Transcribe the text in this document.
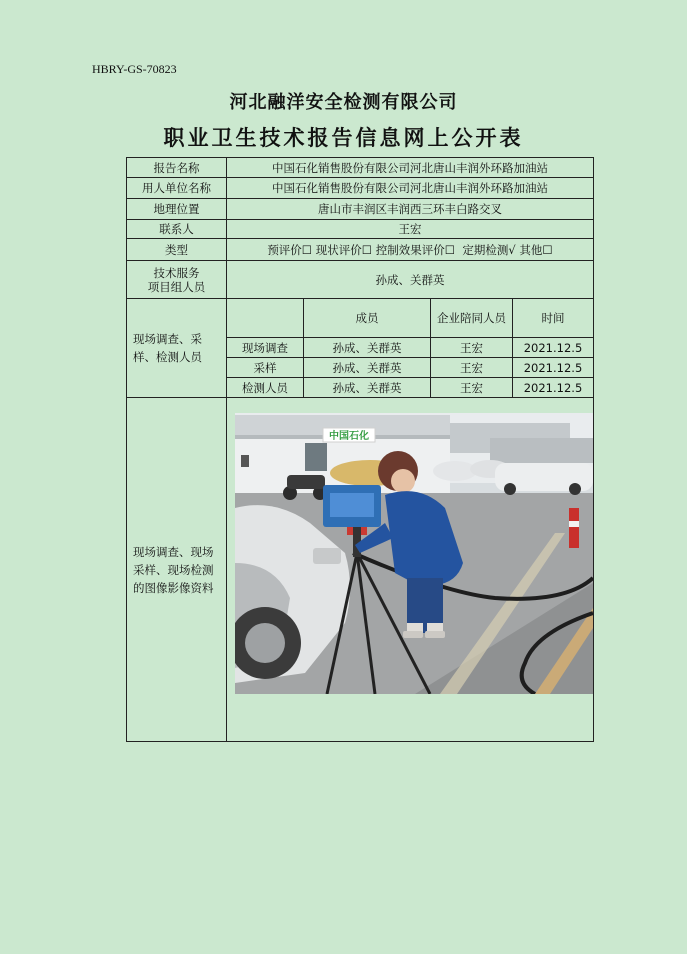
HBRY-GS-70823
河北融洋安全检测有限公司
职业卫生技术报告信息网上公开表
报告名称	中国石化销售股份有限公司河北唐山丰润外环路加油站			
用人单位名称	中国石化销售股份有限公司河北唐山丰润外环路加油站			
地理位置	唐山市丰润区丰润西三环丰白路交叉			
联系人	王宏			
类型	预评价☐ 现状评价☐ 控制效果评价☐ 定期检测√ 其他☐			

技术服务
项目组人员	孙成、关群英			
现场调查、采样、检测人员		成员	企业陪同人员	时间
	现场调查	孙成、关群英	王宏	2021.12.5
	采样	孙成、关群英	王宏	2021.12.5
	检测人员	孙成、关群英	王宏	2021.12.5
现场调查、现场采样、现场检测的图像影像资料	中国石化			
